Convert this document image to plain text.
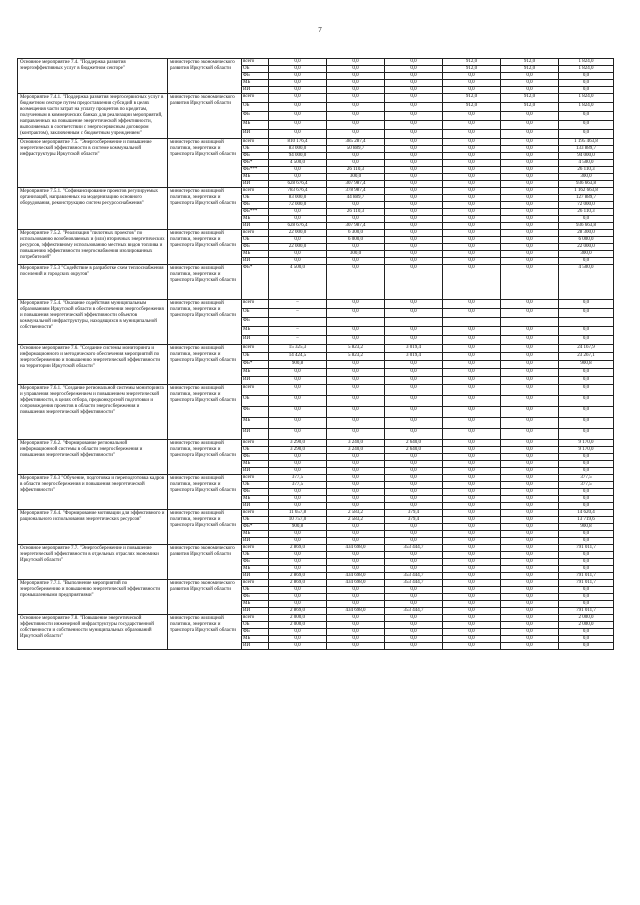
7
Основное мероприятие 7.4. "Поддержка развития энергоэффективных услуг в бюджетном секторе"	министерство экономического развития Иркутской области	всего	0,0	0,0	0,0	912,0	912,0	1 824,0
		ОБ	0,0	0,0	0,0	912,0	912,0	1 824,0
		ФБ	0,0	0,0	0,0	0,0	0,0	0,0
		МБ	0,0	0,0	0,0	0,0	0,0	0,0
		ИИ	0,0	0,0	0,0	0,0	0,0	0,0
Мероприятие 7.4.1. "Поддержка развития энергосервисных услуг в бюджетном секторе путем предоставления субсидий в целях возмещения части затрат на уплату процентов по кредитам, полученным в коммерческих банках для реализации мероприятий, направленных на повышение энергетической эффективности, выполняемых в соответствии с энергосервисным договором (контрактом), заключенным с бюджетным учреждением"	министерство экономического развития Иркутской области	всего	0,0	0,0	0,0	912,0	912,0	1 824,0
		ОБ	0,0	0,0	0,0	912,0	912,0	1 824,0
		ФБ	0,0	0,0	0,0	0,0	0,0	0,0
		МБ	0,0	0,0	0,0	0,0	0,0	0,0
		ИИ	0,0	0,0	0,0	0,0	0,0	0,0
Основное мероприятие 7.5. "Энергосбережение и повышение энергетической эффективности в системе коммунальной инфраструктуры Иркутской области"	министерство жилищной политики, энергетики и транспорта Иркутской области	всего	810 176,4	385 287,4	0,0	0,0	0,0	1 195 463,8
		ОБ	83 000,0	50 889,7	0,0	0,0	0,0	133 889,7
		ФБ	94 000,0	0,0	0,0	0,0	0,0	94 000,0
		ФБ*	4 500,0	0,0	0,0	0,0	0,0	4 500,0
		ФБ***	0,0	26 110,3	0,0	0,0	0,0	26 110,3
		МБ	0,0	300,0	0,0	0,0	0,0	300,0
		ИИ	628 676,4	307 987,4	0,0	0,0	0,0	936 663,8
Мероприятие 7.5.1. "Софинансирование проектов регулируемых организаций, направленных на модернизацию основного оборудования, реконструкцию систем ресурсоснабжения"	министерство жилищной политики, энергетики и транспорта Иркутской области	всего	783 676,4	378 987,4	0,0	0,0	0,0	1 162 663,8
		ОБ	83 000,0	44 889,7	0,0	0,0	0,0	127 889,7
		ФБ	72 000,0	0,0	0,0	0,0	0,0	72 000,0
		ФБ***	0,0	26 110,3	0,0	0,0	0,0	26 110,3
		МБ	0,0	0,0	0,0	0,0	0,0	0,0
		ИИ	628 676,4	307 987,4	0,0	0,0	0,0	936 663,8
Мероприятие 7.5.2. "Реализация "пилотных проектов" по использованию возобновляемых и (или) вторичных энергетических ресурсов, эффективному использованию местных видов топлива и повышению эффективности энергоснабжения изолированных потребителей"	министерство жилищной политики, энергетики и транспорта Иркутской области	всего	22 000,0	6 300,0	0,0	0,0	0,0	28 300,0
		ОБ	0,0	6 000,0	0,0	0,0	0,0	6 000,0
		ФБ	22 000,0	0,0	0,0	0,0	0,0	22 000,0
		МБ	0,0	300,0	0,0	0,0	0,0	300,0
		ИИ	0,0	0,0	0,0	0,0	0,0	0,0
Мероприятие 7.5.3 "Содействие в разработке схем теплоснабжения поселений и городских округов"	министерство жилищной политики, энергетики и транспорта Иркутской области	ФБ*	4 500,0	0,0	0,0	0,0	0,0	4 500,0
Мероприятие 7.5.4. "Оказание содействия муниципальным образованиям Иркутской области в обеспечении энергосбережения и повышения энергетической эффективности объектов коммунальной инфраструктуры, находящихся в муниципальной собственности"	министерство жилищной политики, энергетики и транспорта Иркутской области	всего	–	0,0	0,0	0,0	0,0	0,0
		ОБ	–	0,0	0,0	0,0	0,0	0,0
		ФБ						
		МБ	–	0,0	0,0	0,0	0,0	0,0
		ИИ	–	0,0	0,0	0,0	0,0	0,0
Основное мероприятие 7.6. "Создание системы мониторинга и информационного и методического обеспечения мероприятий по энергосбережению и повышению энергетической эффективности на территории Иркутской области"	министерство жилищной политики, энергетики и транспорта Иркутской области	всего	15 325,3	5 823,2	3 019,4	0,0	0,0	24 167,9
		ОБ	14 424,5	5 823,2	3 019,4	0,0	0,0	23 267,1
		ФБ*	900,8	0,0	0,0	0,0	0,0	900,8
		МБ	0,0	0,0	0,0	0,0	0,0	0,0
		ИИ	0,0	0,0	0,0	0,0	0,0	0,0
Мероприятие 7.6.1. "Создание региональной системы мониторинга и управления энергосбережением и повышением энергетической эффективности, в целях отбора, предконкурсной подготовки и сопровождения проектов в области энергосбережения и повышения энергетической эффективности"	министерство жилищной политики, энергетики и транспорта Иркутской области	всего	0,0	0,0	0,0	0,0	0,0	0,0
		ОБ	0,0	0,0	0,0	0,0	0,0	0,0
		ФБ	0,0	0,0	0,0	0,0	0,0	0,0
		МБ	0,0	0,0	0,0	0,0	0,0	0,0
		ИИ	0,0	0,0	0,0	0,0	0,0	0,0
Мероприятие 7.6.2. "Формирование региональной информационной системы в области энергосбережения и повышения энергетической эффективности"	министерство жилищной политики, энергетики и транспорта Иркутской области	всего	3 290,0	3 240,0	2 640,0	0,0	0,0	9 170,0
		ОБ	3 290,0	3 240,0	2 640,0	0,0	0,0	9 170,0
		ФБ	0,0	0,0	0,0	0,0	0,0	0,0
		МБ	0,0	0,0	0,0	0,0	0,0	0,0
		ИИ	0,0	0,0	0,0	0,0	0,0	0,0
Мероприятие 7.6.3 "Обучение, подготовка и переподготовка кадров в области энергосбережения и повышения энергетической эффективности"	министерство жилищной политики, энергетики и транспорта Иркутской области	всего	377,5	0,0	0,0	0,0	0,0	377,5
		ОБ	377,5	0,0	0,0	0,0	0,0	377,5
		ФБ	0,0	0,0	0,0	0,0	0,0	0,0
		МБ	0,0	0,0	0,0	0,0	0,0	0,0
		ИИ	0,0	0,0	0,0	0,0	0,0	0,0
Мероприятие 7.6.4. "Формирование мотивации для эффективного и рационального использования энергетических ресурсов"	министерство жилищной политики, энергетики и транспорта Иркутской области	всего	11 657,8	2 583,2	379,4	0,0	0,0	14 620,4
		ОБ	10 757,0	2 583,2	379,4	0,0	0,0	13 719,6
		ФБ*	900,8	0,0	0,0	0,0	0,0	900,8
		МБ	0,0	0,0	0,0	0,0	0,0	0,0
		ИИ	0,0	0,0	0,0	0,0	0,0	0,0
Основное мероприятие 7.7. "Энергосбережение и повышение энергетической эффективности в отдельных отраслях экономики Иркутской области"	министерство экономического развития Иркутской области	всего	2 869,0	434 698,0	353 444,7	0,0	0,0	791 011,7
		ОБ	0,0	0,0	0,0	0,0	0,0	0,0
		ФБ	0,0	0,0	0,0	0,0	0,0	0,0
		МБ	0,0	0,0	0,0	0,0	0,0	0,0
		ИИ	2 869,0	434 698,0	353 444,7	0,0	0,0	791 011,7
Мероприятие 7.7.1. "Выполнение мероприятий по энергосбережению и повышению энергетической эффективности промышленными предприятиями"	министерство экономического развития Иркутской области	всего	2 869,0	434 698,0	353 444,7	0,0	0,0	791 011,7
		ОБ	0,0	0,0	0,0	0,0	0,0	0,0
		ФБ	0,0	0,0	0,0	0,0	0,0	0,0
		МБ	0,0	0,0	0,0	0,0	0,0	0,0
		ИИ	2 869,0	434 698,0	353 444,7	0,0	0,0	791 011,7
Основное мероприятие 7.8. "Повышение энергетической эффективности инженерной инфраструктуры государственной собственности и собственности муниципальных образований Иркутской области"	министерство жилищной политики, энергетики и транспорта Иркутской области	всего	2 000,0	0,0	0,0	0,0	0,0	2 000,0
		ОБ	2 000,0	0,0	0,0	0,0	0,0	2 000,0
		ФБ	0,0	0,0	0,0	0,0	0,0	0,0
		МБ	0,0	0,0	0,0	0,0	0,0	0,0
		ИИ	0,0	0,0	0,0	0,0	0,0	0,0
